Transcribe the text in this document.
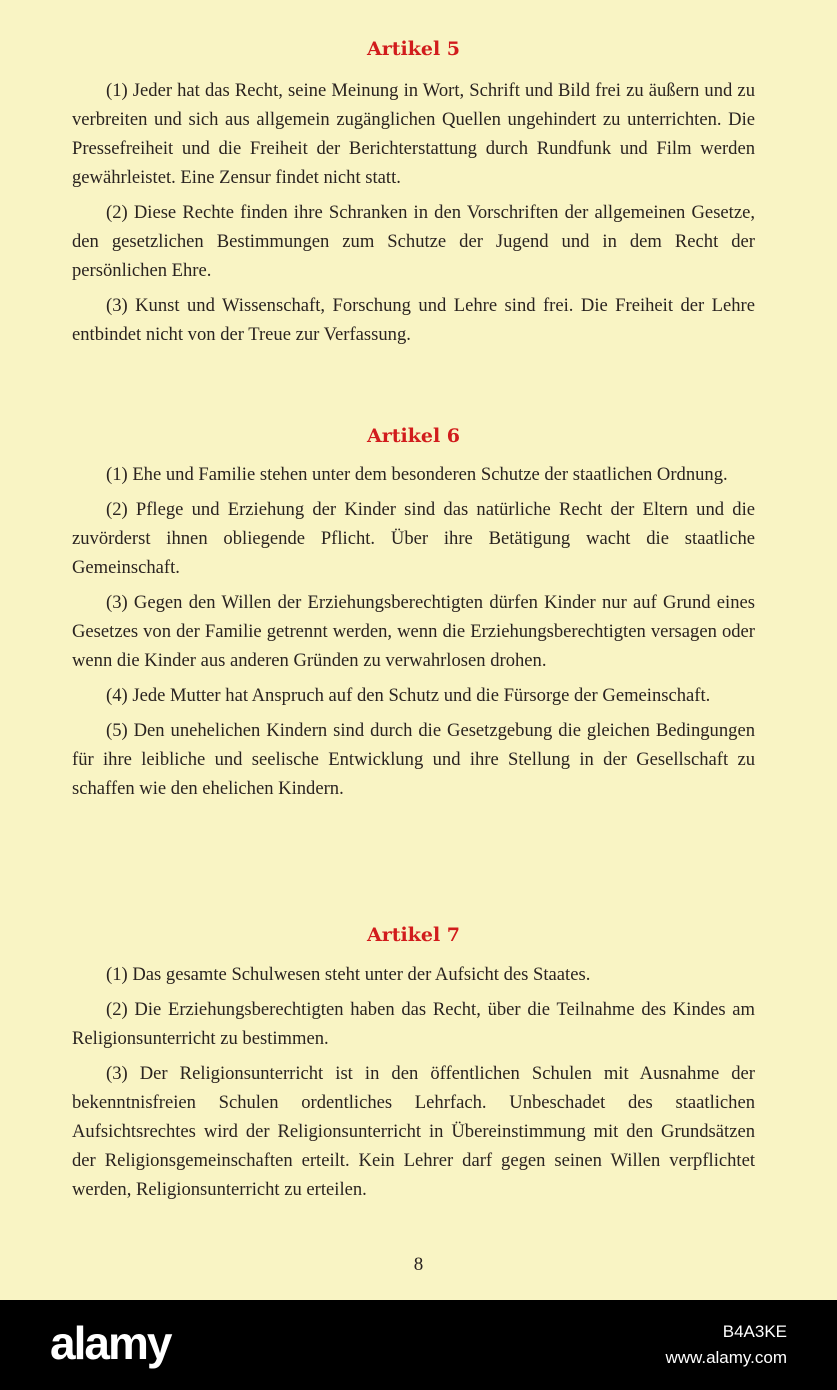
Artikel 5

(1) Jeder hat das Recht, seine Meinung in Wort, Schrift und Bild frei zu äußern und zu verbreiten und sich aus allgemein zugänglichen Quellen ungehindert zu unterrichten. Die Pressefreiheit und die Freiheit der Berichterstattung durch Rundfunk und Film werden gewährleistet. Eine Zensur findet nicht statt.

(2) Diese Rechte finden ihre Schranken in den Vorschriften der allgemeinen Gesetze, den gesetzlichen Bestimmungen zum Schutze der Jugend und in dem Recht der persönlichen Ehre.

(3) Kunst und Wissenschaft, Forschung und Lehre sind frei. Die Freiheit der Lehre entbindet nicht von der Treue zur Verfassung.

Artikel 6

(1) Ehe und Familie stehen unter dem besonderen Schutze der staatlichen Ordnung.

(2) Pflege und Erziehung der Kinder sind das natürliche Recht der Eltern und die zuvörderst ihnen obliegende Pflicht. Über ihre Betätigung wacht die staatliche Gemeinschaft.

(3) Gegen den Willen der Erziehungsberechtigten dürfen Kinder nur auf Grund eines Gesetzes von der Familie getrennt werden, wenn die Erziehungsberechtigten versagen oder wenn die Kinder aus anderen Gründen zu verwahrlosen drohen.

(4) Jede Mutter hat Anspruch auf den Schutz und die Fürsorge der Gemeinschaft.

(5) Den unehelichen Kindern sind durch die Gesetzgebung die gleichen Bedingungen für ihre leibliche und seelische Entwicklung und ihre Stellung in der Gesellschaft zu schaffen wie den ehelichen Kindern.

Artikel 7

(1) Das gesamte Schulwesen steht unter der Aufsicht des Staates.

(2) Die Erziehungsberechtigten haben das Recht, über die Teilnahme des Kindes am Religionsunterricht zu bestimmen.

(3) Der Religionsunterricht ist in den öffentlichen Schulen mit Ausnahme der bekenntnisfreien Schulen ordentliches Lehrfach. Unbeschadet des staatlichen Aufsichtsrechtes wird der Religionsunterricht in Übereinstimmung mit den Grundsätzen der Religionsgemeinschaften erteilt. Kein Lehrer darf gegen seinen Willen verpflichtet werden, Religionsunterricht zu erteilen.

8
alamy	B4A3KE
www.alamy.com
